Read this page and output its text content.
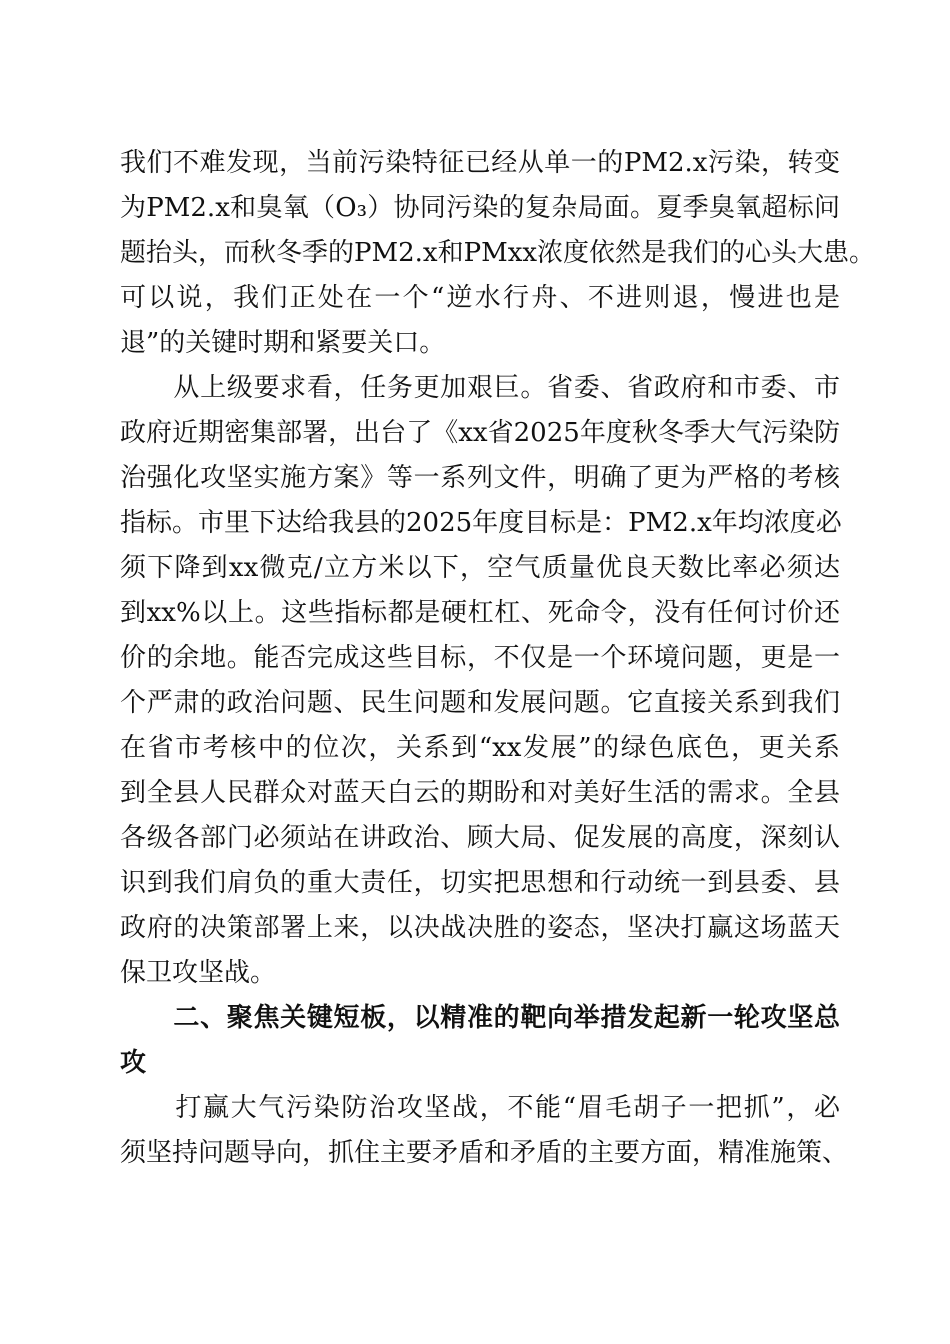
我们不难发现，当前污染特征已经从单一的PM2.x污染，转变
为PM2.x和臭氧（O₃）协同污染的复杂局面。夏季臭氧超标问
题抬头，而秋冬季的PM2.x和PMxx浓度依然是我们的心头大患。
可以说，我们正处在一个“逆水行舟、不进则退，慢进也是
退”的关键时期和紧要关口。
　　从上级要求看，任务更加艰巨。省委、省政府和市委、市
政府近期密集部署，出台了《xx省2025年度秋冬季大气污染防
治强化攻坚实施方案》等一系列文件，明确了更为严格的考核
指标。市里下达给我县的2025年度目标是：PM2.x年均浓度必
须下降到xx微克/立方米以下，空气质量优良天数比率必须达
到xx%以上。这些指标都是硬杠杠、死命令，没有任何讨价还
价的余地。能否完成这些目标，不仅是一个环境问题，更是一
个严肃的政治问题、民生问题和发展问题。它直接关系到我们
在省市考核中的位次，关系到“xx发展”的绿色底色，更关系
到全县人民群众对蓝天白云的期盼和对美好生活的需求。全县
各级各部门必须站在讲政治、顾大局、促发展的高度，深刻认
识到我们肩负的重大责任，切实把思想和行动统一到县委、县
政府的决策部署上来，以决战决胜的姿态，坚决打赢这场蓝天
保卫攻坚战。
　　二、聚焦关键短板，以精准的靶向举措发起新一轮攻坚总
攻
　　打赢大气污染防治攻坚战，不能“眉毛胡子一把抓”，必
须坚持问题导向，抓住主要矛盾和矛盾的主要方面，精准施策、
